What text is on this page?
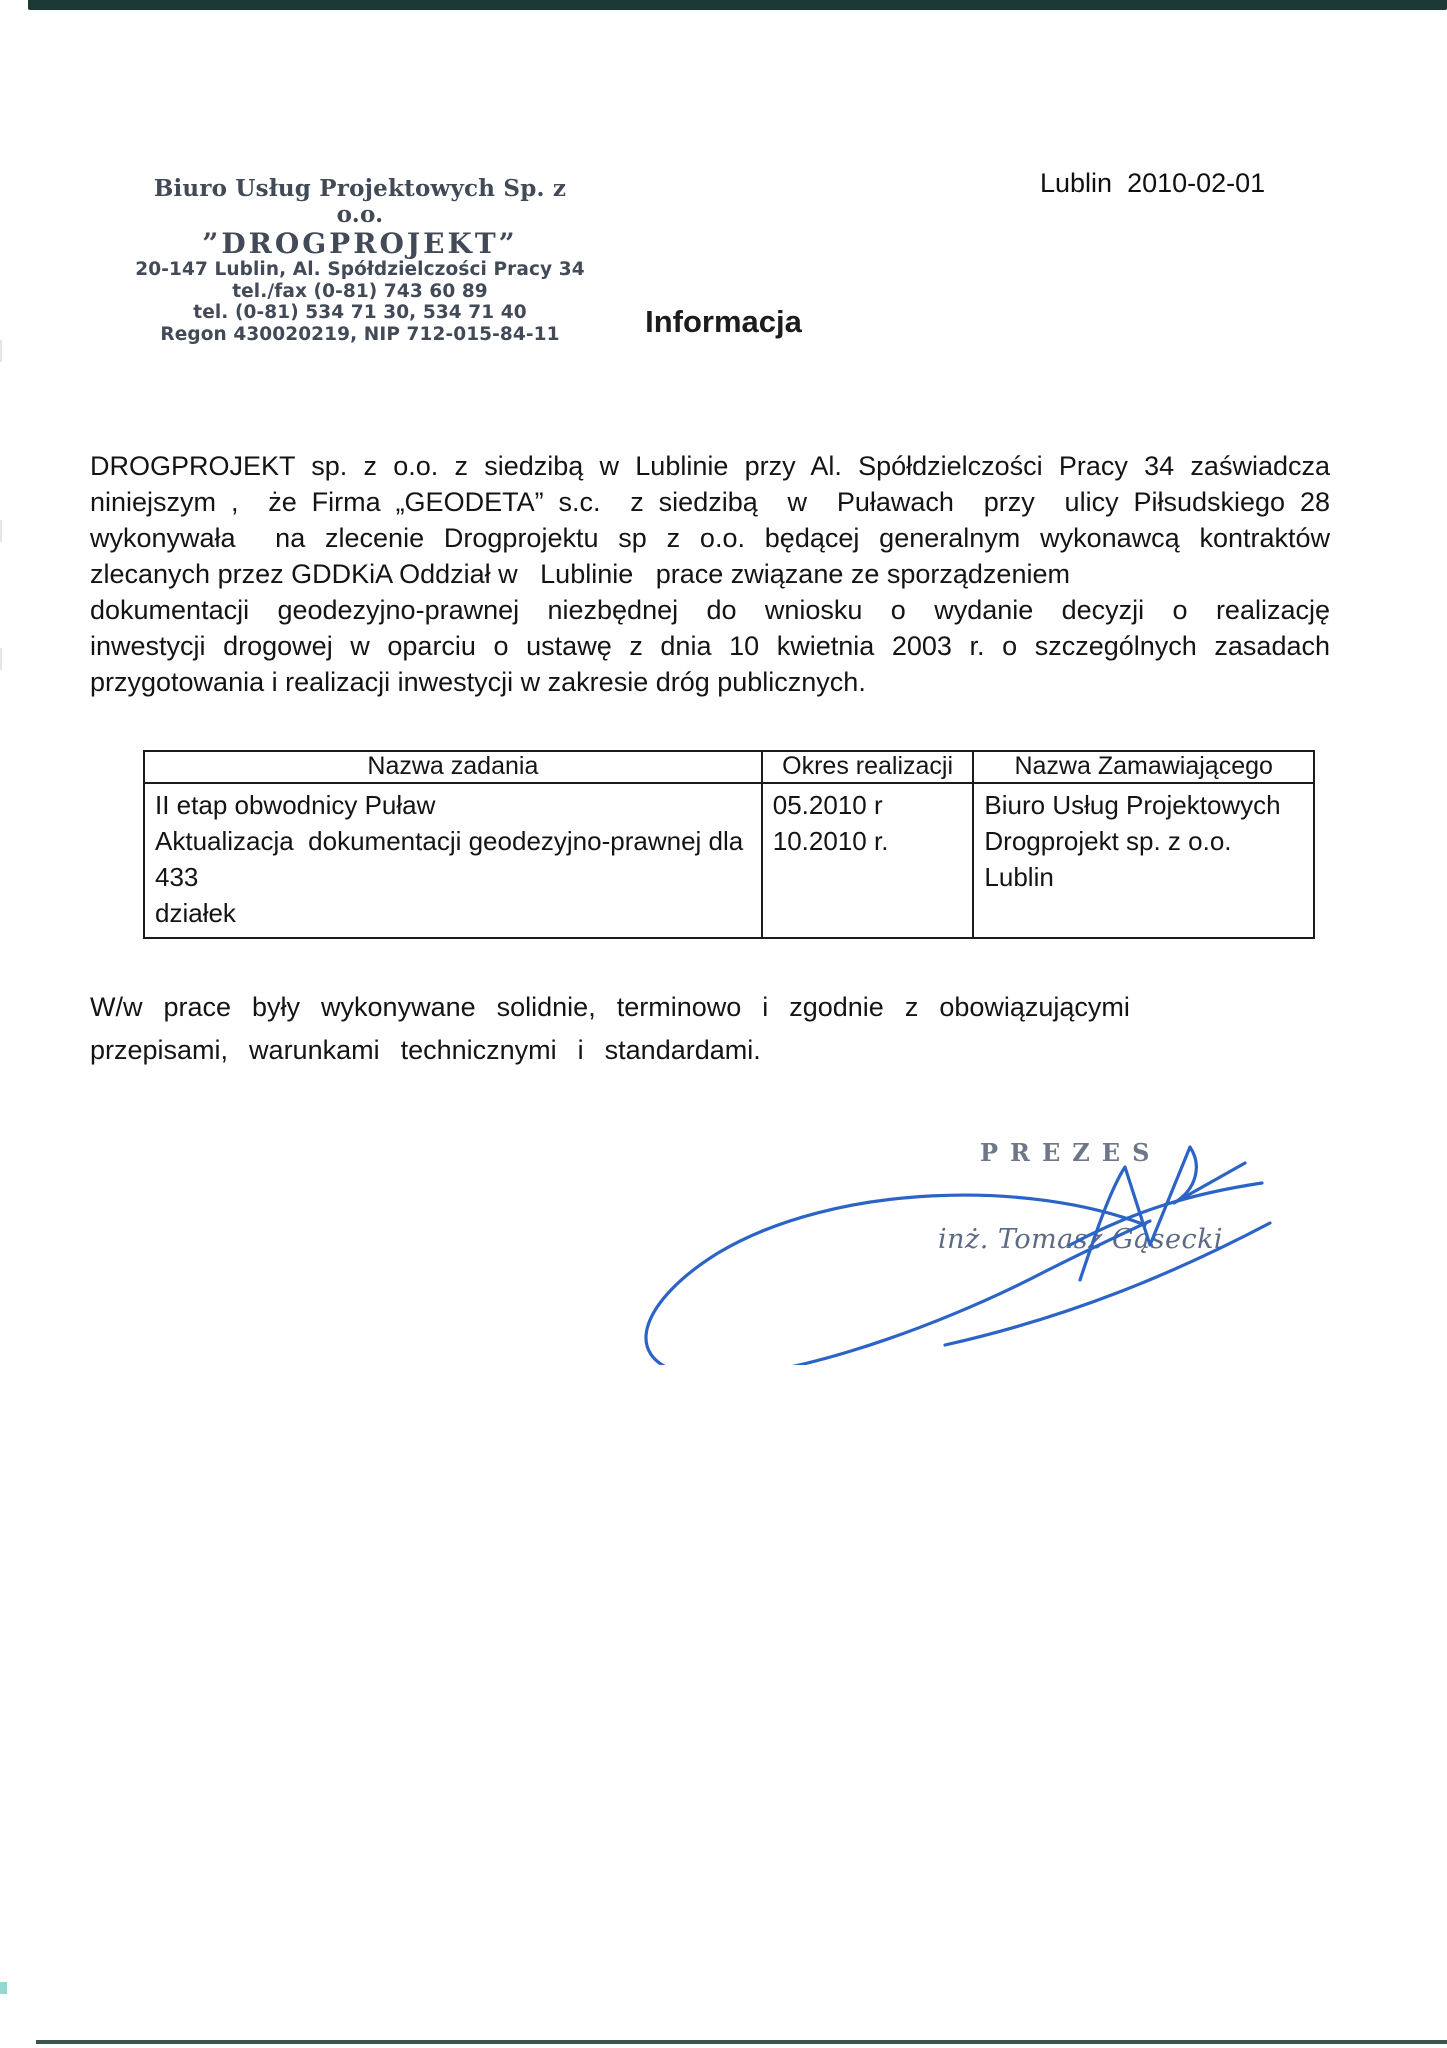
Biuro Usług Projektowych Sp. z o.o.
”DROGPROJEKT”
20-147 Lublin, Al. Spółdzielczości Pracy 34
tel./fax (0-81) 743 60 89
tel. (0-81) 534 71 30, 534 71 40
Regon 430020219, NIP 712-015-84-11
Lublin  2010-02-01
Informacja
DROGPROJEKT sp. z o.o. z siedzibą w Lublinie przy Al. Spółdzielczości Pracy 34 zaświadcza
niniejszym ,  że Firma „GEODETA” s.c.  z siedzibą  w  Puławach  przy  ulicy Piłsudskiego 28
wykonywała  na zlecenie Drogprojektu sp z o.o. będącej generalnym wykonawcą kontraktów
zlecanych przez GDDKiA Oddział w   Lublinie   prace związane ze sporządzeniem
dokumentacji geodezyjno-prawnej niezbędnej do wniosku o wydanie decyzji o realizację
inwestycji drogowej w oparciu o ustawę z dnia 10 kwietnia 2003 r. o szczególnych zasadach
przygotowania i realizacji inwestycji w zakresie dróg publicznych.
Nazwa zadania	Okres realizacji	Nazwa Zamawiającego

II etap obwodnicy Puław
Aktualizacja  dokumentacji geodezyjno-prawnej dla  433
działek

05.2010 r
10.2010 r.

Biuro Usług Projektowych
Drogprojekt sp. z o.o. Lublin
W/w  prace  były  wykonywane  solidnie,  terminowo  i  zgodnie  z  obowiązującymi
przepisami,  warunkami  technicznymi  i  standardami.
PREZES
inż. Tomasz Gąsecki
